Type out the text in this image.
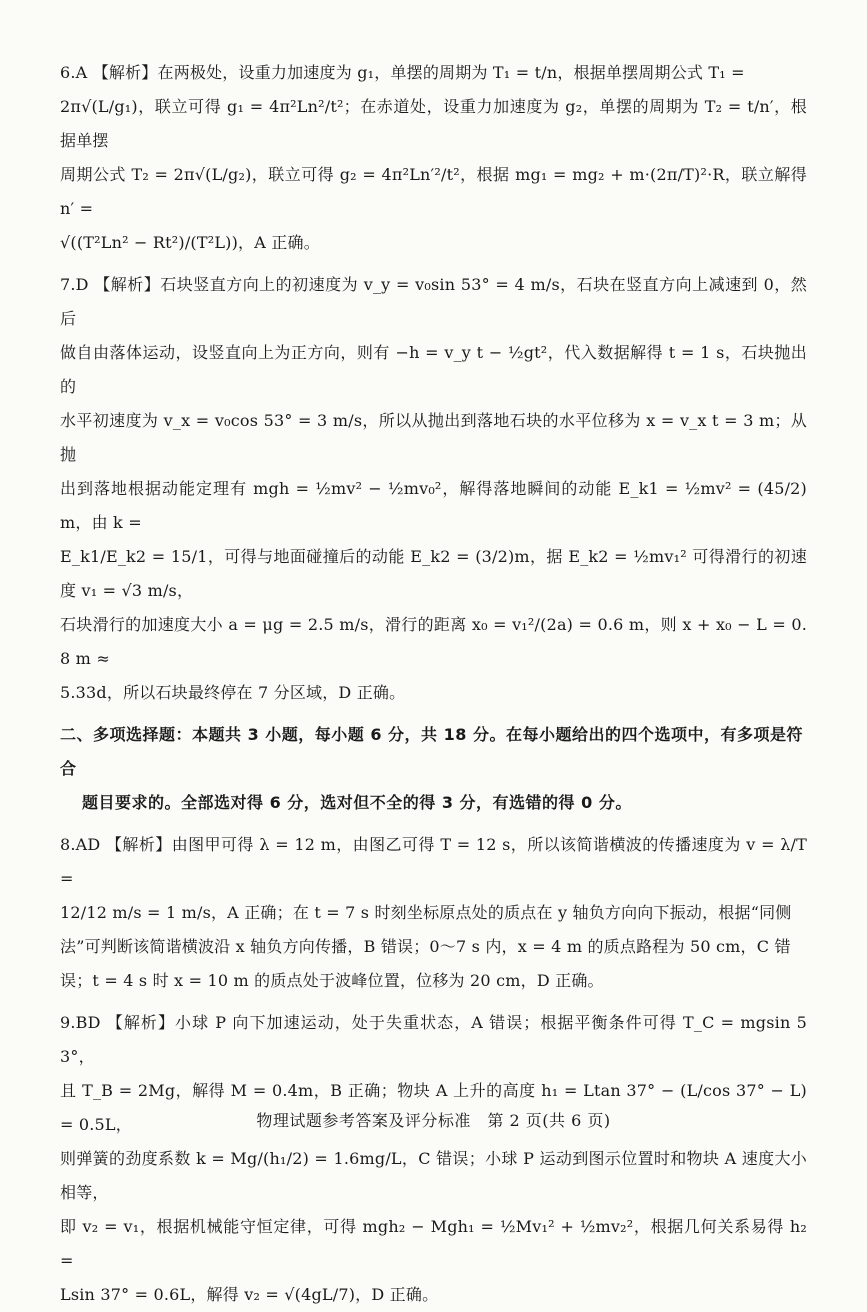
6.A 【解析】在两极处，设重力加速度为 g₁，单摆的周期为 T₁ = t/n，根据单摆周期公式 T₁ =

2π√(L/g₁)，联立可得 g₁ = 4π²Ln²/t²；在赤道处，设重力加速度为 g₂，单摆的周期为 T₂ = t/n′，根据单摆

周期公式 T₂ = 2π√(L/g₂)，联立可得 g₂ = 4π²Ln′²/t²，根据 mg₁ = mg₂ + m·(2π/T)²·R，联立解得 n′ =

√((T²Ln² − Rt²)/(T²L))，A 正确。

7.D 【解析】石块竖直方向上的初速度为 v_y = v₀sin 53° = 4 m/s，石块在竖直方向上减速到 0，然后

做自由落体运动，设竖直向上为正方向，则有 −h = v_y t − ½gt²，代入数据解得 t = 1 s，石块抛出的

水平初速度为 v_x = v₀cos 53° = 3 m/s，所以从抛出到落地石块的水平位移为 x = v_x t = 3 m；从抛

出到落地根据动能定理有 mgh = ½mv² − ½mv₀²，解得落地瞬间的动能 E_k1 = ½mv² = (45/2)m，由 k =

E_k1/E_k2 = 15/1，可得与地面碰撞后的动能 E_k2 = (3/2)m，据 E_k2 = ½mv₁² 可得滑行的初速度 v₁ = √3 m/s，

石块滑行的加速度大小 a = μg = 2.5 m/s，滑行的距离 x₀ = v₁²/(2a) = 0.6 m，则 x + x₀ − L = 0.8 m ≈

5.33d，所以石块最终停在 7 分区域，D 正确。

二、多项选择题：本题共 3 小题，每小题 6 分，共 18 分。在每小题给出的四个选项中，有多项是符合

题目要求的。全部选对得 6 分，选对但不全的得 3 分，有选错的得 0 分。

8.AD 【解析】由图甲可得 λ = 12 m，由图乙可得 T = 12 s，所以该简谐横波的传播速度为 v = λ/T =

12/12 m/s = 1 m/s，A 正确；在 t = 7 s 时刻坐标原点处的质点在 y 轴负方向向下振动，根据“同侧

法”可判断该简谐横波沿 x 轴负方向传播，B 错误；0～7 s 内，x = 4 m 的质点路程为 50 cm，C 错

误；t = 4 s 时 x = 10 m 的质点处于波峰位置，位移为 20 cm，D 正确。

9.BD 【解析】小球 P 向下加速运动，处于失重状态，A 错误；根据平衡条件可得 T_C = mgsin 53°，

且 T_B = 2Mg，解得 M = 0.4m，B 正确；物块 A 上升的高度 h₁ = Ltan 37° − (L/cos 37° − L) = 0.5L，

则弹簧的劲度系数 k = Mg/(h₁/2) = 1.6mg/L，C 错误；小球 P 运动到图示位置时和物块 A 速度大小相等，

即 v₂ = v₁，根据机械能守恒定律，可得 mgh₂ − Mgh₁ = ½Mv₁² + ½mv₂²，根据几何关系易得 h₂ =

Lsin 37° = 0.6L，解得 v₂ = √(4gL/7)，D 正确。

物理试题参考答案及评分标准　第 2 页(共 6 页)
